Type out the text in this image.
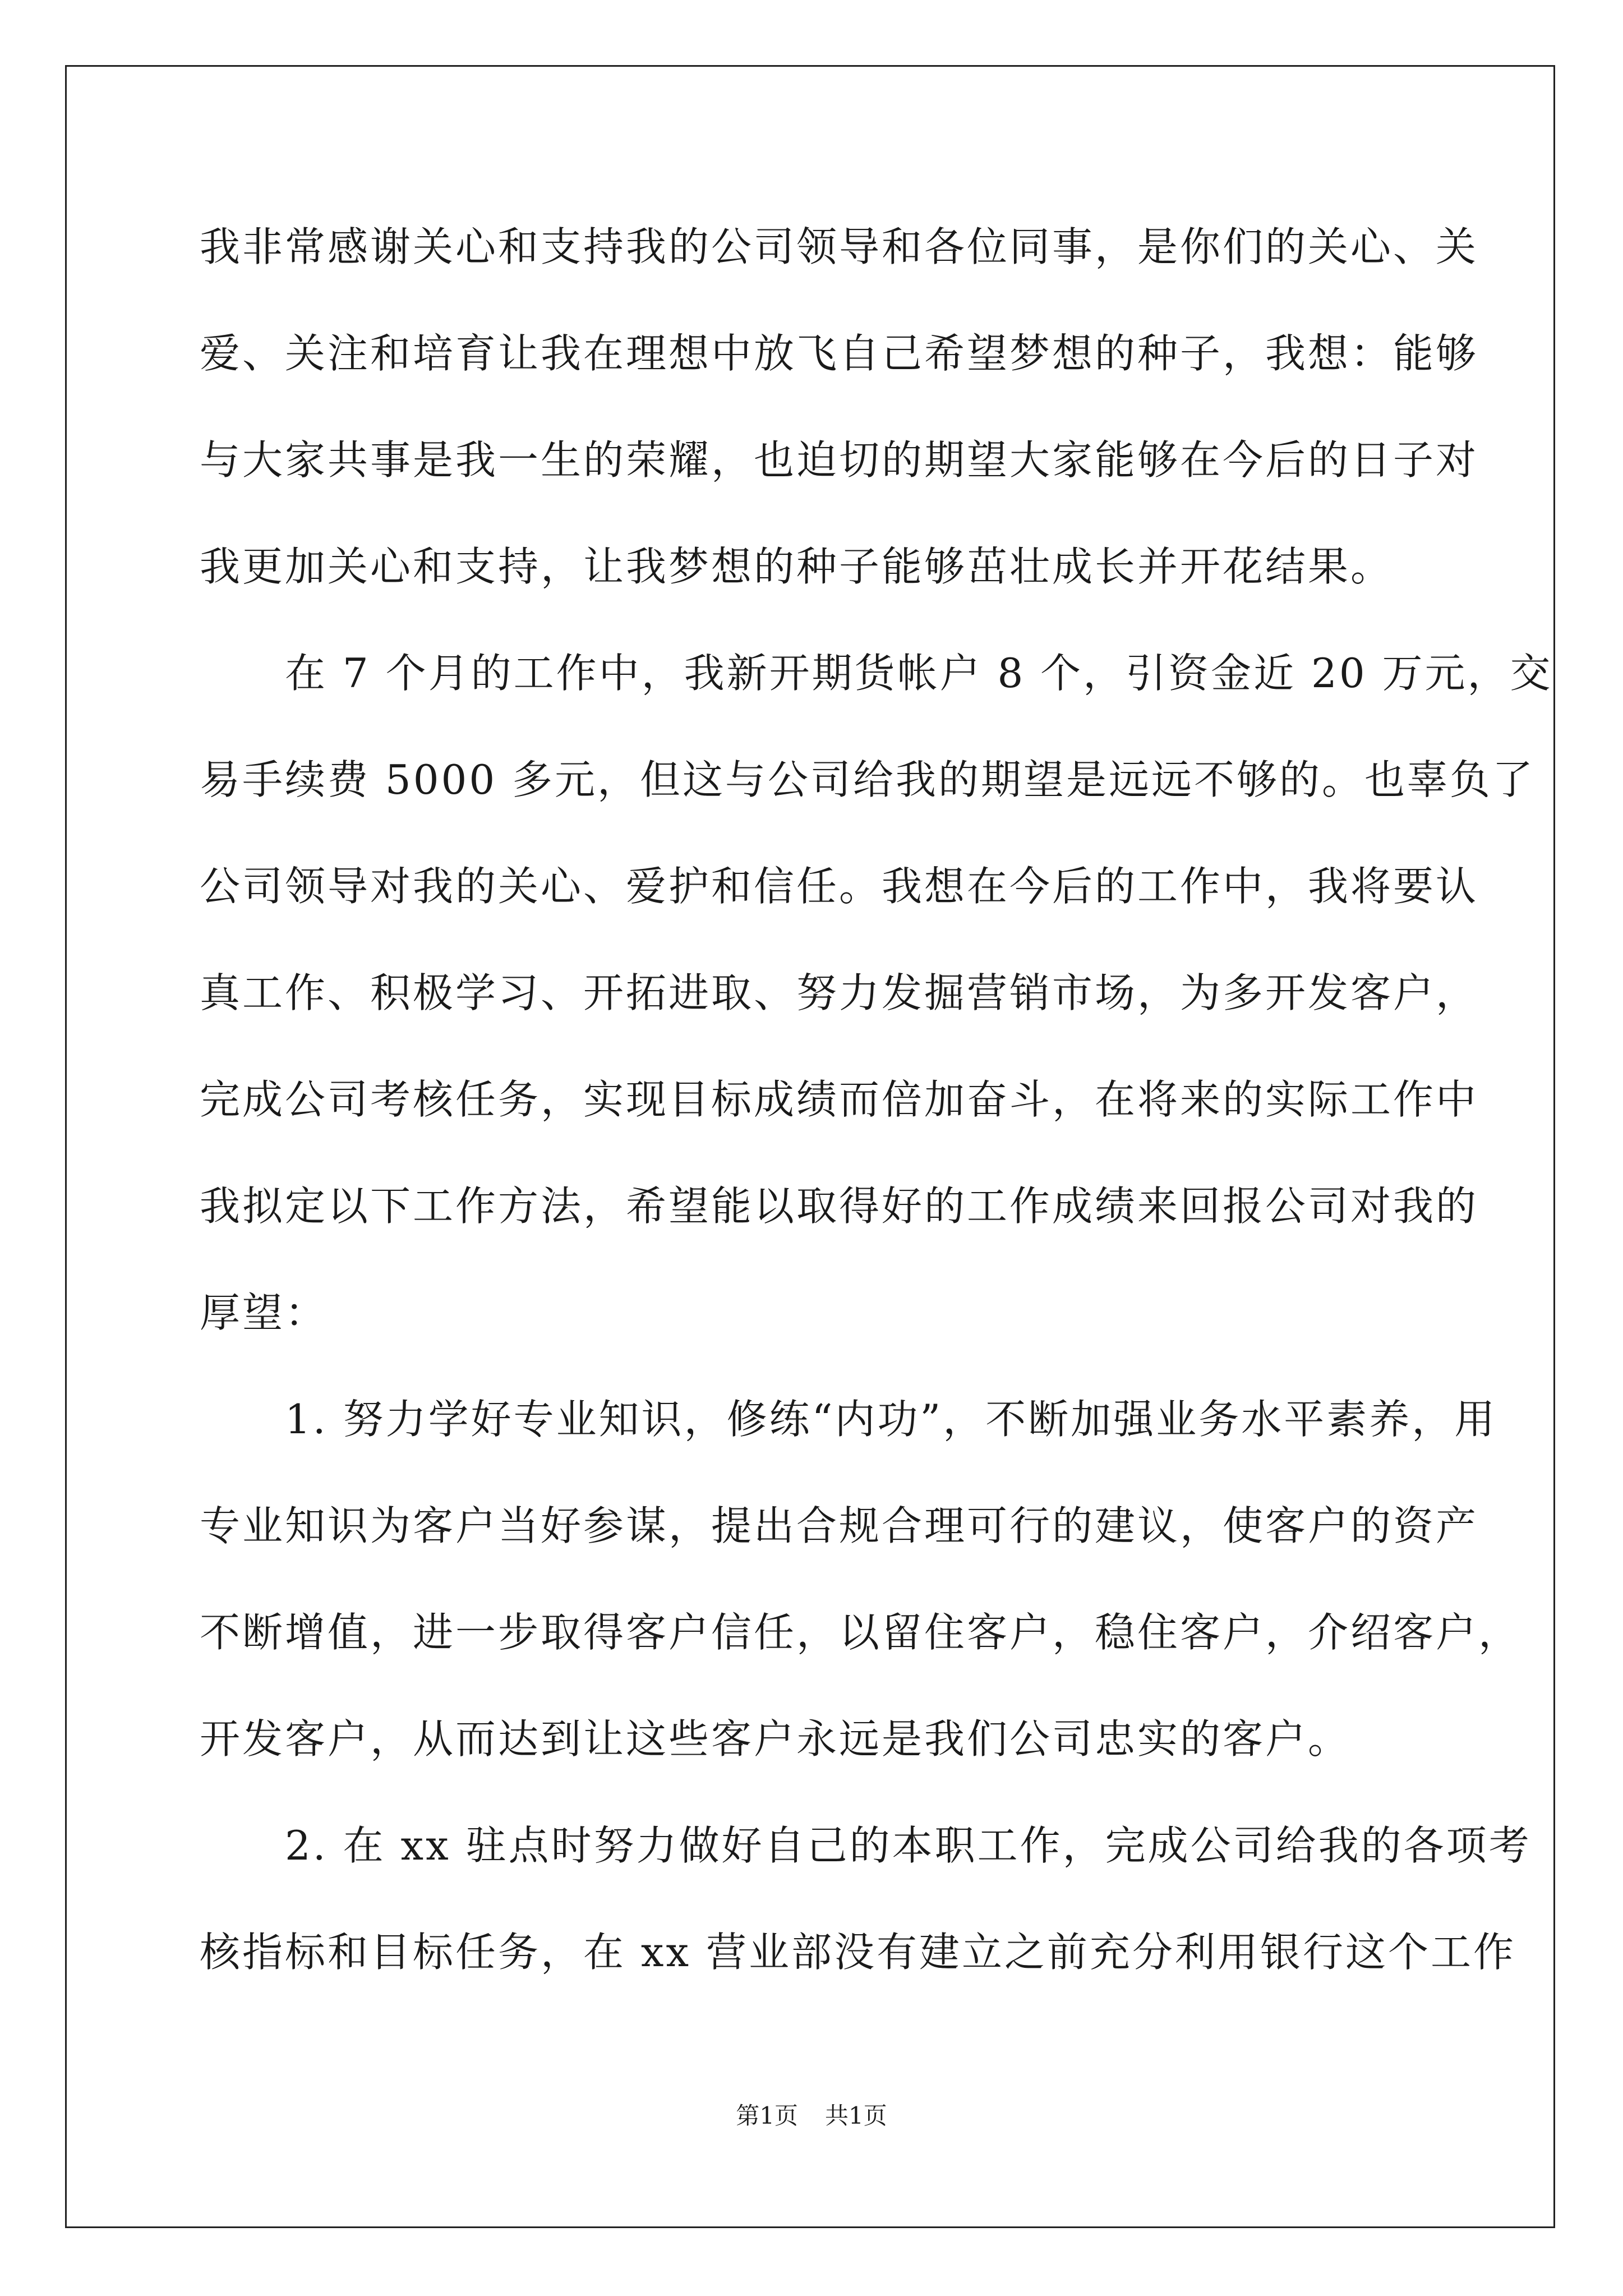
我非常感谢关心和支持我的公司领导和各位同事，是你们的关心、关
爱、关注和培育让我在理想中放飞自己希望梦想的种子，我想：能够
与大家共事是我一生的荣耀，也迫切的期望大家能够在今后的日子对
我更加关心和支持，让我梦想的种子能够茁壮成长并开花结果。
在 7 个月的工作中，我新开期货帐户 8 个，引资金近 20 万元，交
易手续费 5000 多元，但这与公司给我的期望是远远不够的。也辜负了
公司领导对我的关心、爱护和信任。我想在今后的工作中，我将要认
真工作、积极学习、开拓进取、努力发掘营销市场，为多开发客户，
完成公司考核任务，实现目标成绩而倍加奋斗，在将来的实际工作中
我拟定以下工作方法，希望能以取得好的工作成绩来回报公司对我的
厚望：
1. 努力学好专业知识，修练“内功”，不断加强业务水平素养，用
专业知识为客户当好参谋，提出合规合理可行的建议，使客户的资产
不断增值，进一步取得客户信任，以留住客户，稳住客户，介绍客户，
开发客户，从而达到让这些客户永远是我们公司忠实的客户。
2. 在 xx 驻点时努力做好自己的本职工作，完成公司给我的各项考
核指标和目标任务，在 xx 营业部没有建立之前充分利用银行这个工作
第1页 共1页
